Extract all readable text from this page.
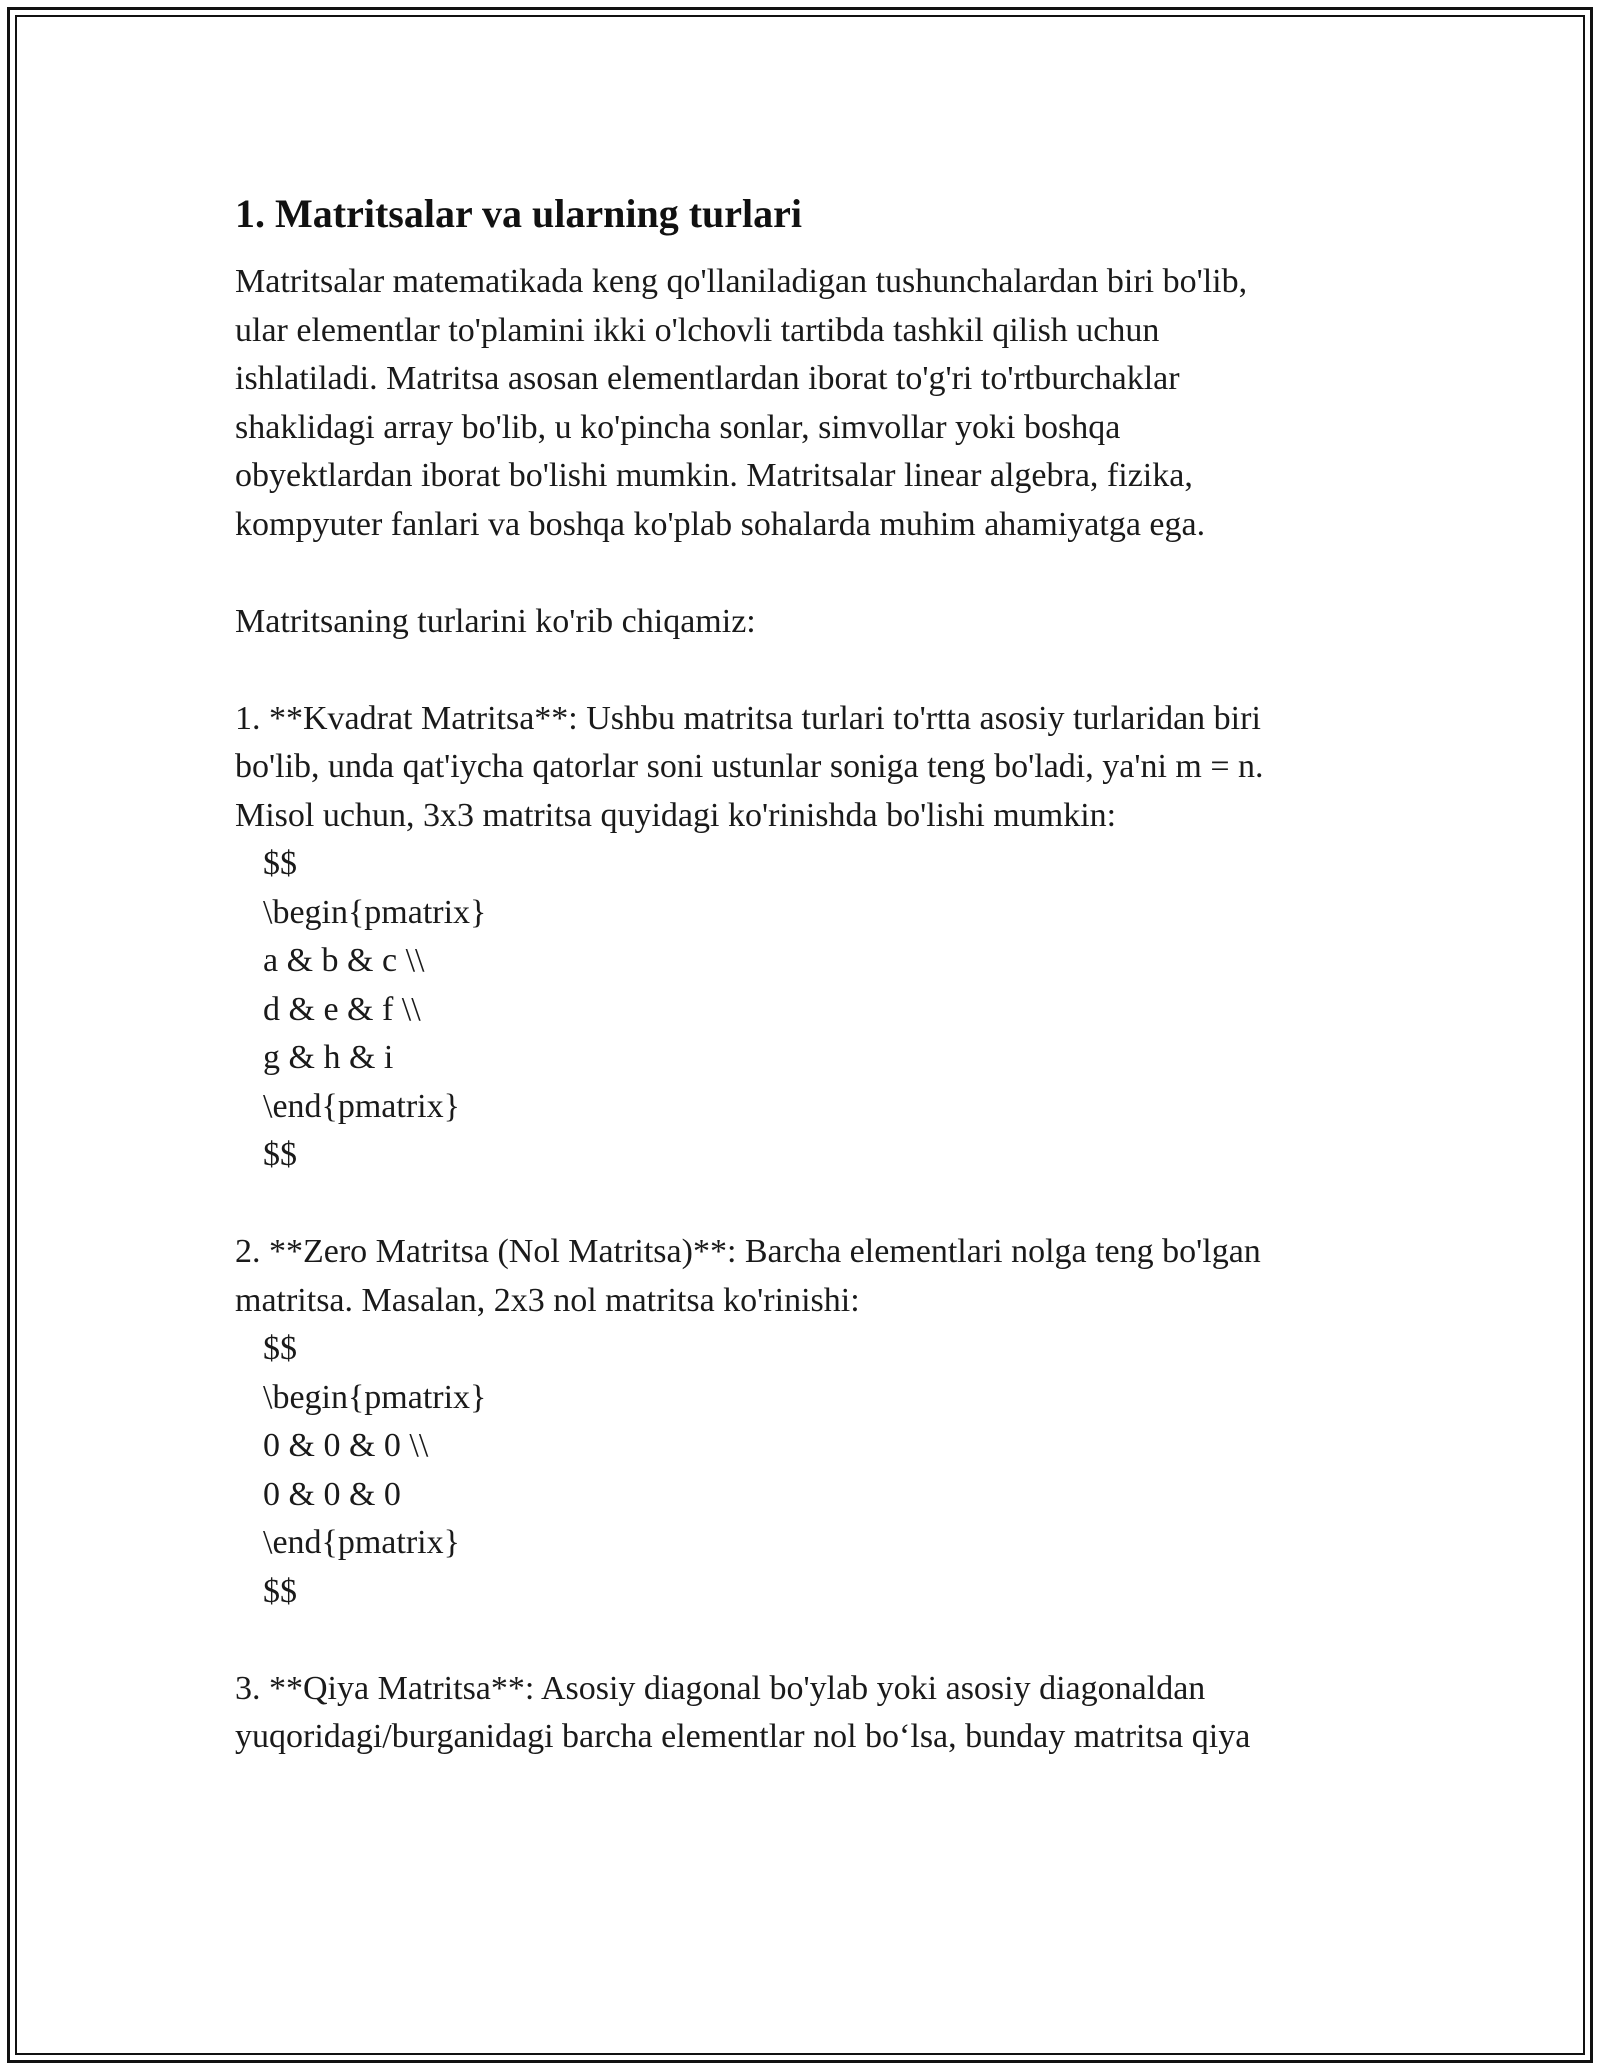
1. Matritsalar va ularning turlari
Matritsalar matematikada keng qo'llaniladigan tushunchalardan biri bo'lib,
ular elementlar to'plamini ikki o'lchovli tartibda tashkil qilish uchun
ishlatiladi. Matritsa asosan elementlardan iborat to'g'ri to'rtburchaklar
shaklidagi array bo'lib, u ko'pincha sonlar, simvollar yoki boshqa
obyektlardan iborat bo'lishi mumkin. Matritsalar linear algebra, fizika,
kompyuter fanlari va boshqa ko'plab sohalarda muhim ahamiyatga ega.
Matritsaning turlarini ko'rib chiqamiz:
1. **Kvadrat Matritsa**: Ushbu matritsa turlari to'rtta asosiy turlaridan biri
bo'lib, unda qat'iycha qatorlar soni ustunlar soniga teng bo'ladi, ya'ni m = n.
Misol uchun, 3x3 matritsa quyidagi ko'rinishda bo'lishi mumkin:
$$
\begin{pmatrix}
a & b & c \\
d & e & f \\
g & h & i
\end{pmatrix}
$$
2. **Zero Matritsa (Nol Matritsa)**: Barcha elementlari nolga teng bo'lgan
matritsa. Masalan, 2x3 nol matritsa ko'rinishi:
$$
\begin{pmatrix}
0 & 0 & 0 \\
0 & 0 & 0
\end{pmatrix}
$$
3. **Qiya Matritsa**: Asosiy diagonal bo'ylab yoki asosiy diagonaldan
yuqoridagi/burganidagi barcha elementlar nol bo‘lsa, bunday matritsa qiya
